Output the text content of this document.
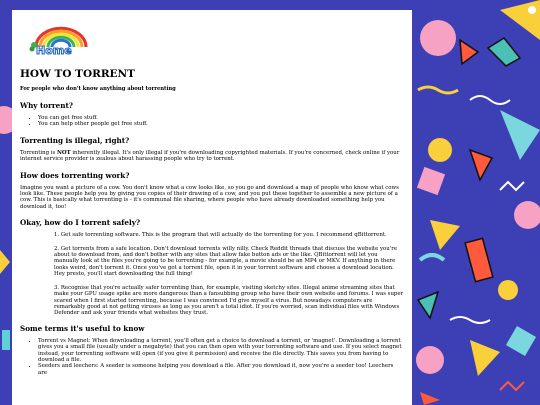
Home
HOW TO TORRENT
For people who don't know anything about torrenting
Why torrent?
• You can get free stuff.
• You can help other people get free stuff.
Torrenting is illegal, right?

Torrenting is NOT inherently illegal. It's only illegal if you're downloading copyrighted materials. If you're concerned, check online if your internet service provider is zealous about harassing people who try to torrent.

How does torrenting work?

Imagine you want a picture of a cow. You don't know what a cow looks like, so you go and download a map of people who know what cows look like. These people help you by giving you copies of their drawing of a cow, and you put these together to assemble a new picture of a cow. This is basically what torrenting is - it's communal file sharing, where people who have already downloaded something help you download it, too!

Okay, how do I torrent safely?

1. Get safe torrenting software. This is the program that will actually do the torrenting for you. I recommend qBittorrent.

2. Get torrents from a safe location. Don't download torrents willy nilly. Check Reddit threads that discuss the website you're about to download from, and don't bother with any sites that allow fake button ads or the like. QBittorrent will let you manually look at the files you're going to be torrenting - for example, a movie should be an MP4 or MKV. If anything in there looks weird, don't torrent it. Once you've got a torrent file, open it in your torrent software and choose a download location. Hey presto, you'll start downloading the full thing!

3. Recognise that you're actually safer torrenting than, for example, visiting sketchy sites. Illegal anime streaming sites that make your GPU usage spike are more dangerous than a fansubbing group who have their own website and forums. I was super scared when I first started torrenting, because I was convinced I'd give myself a virus. But nowadays computers are remarkably good at not getting viruses as long as you aren't a total idiot. If you're worried, scan individual files with Windows Defender and ask your friends what websites they trust.

Some terms it's useful to know
• Torrent vs Magnet: When downloading a torrent, you'll often get a choice to download a torrent, or 'magnet'. Downloading a torrent gives you a small file (usually under a megabyte) that you can then open with your torrenting software and use. If you select magnet instead, your torrenting software will open (if you give it permission) and receive the file directly. This saves you from having to download a file.
• Seeders and leechers: A seeder is someone helping you download a file. After you download it, now you're a seeder too! Leechers are
